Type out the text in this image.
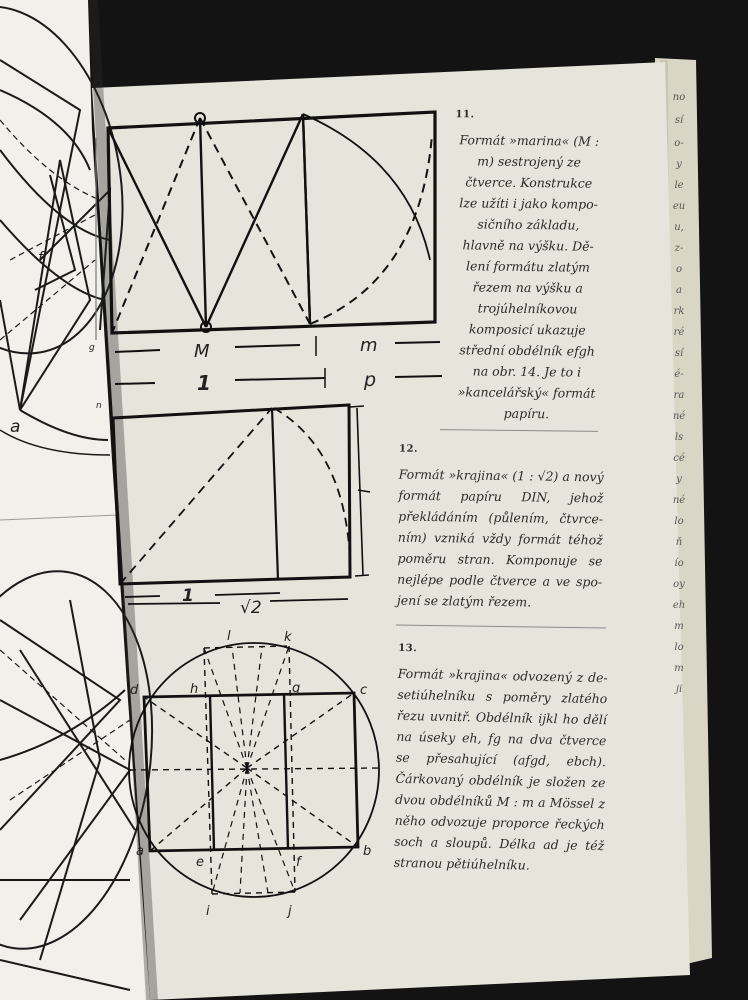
f
a
g
n
M	m
1	p
1
√2
l	k
d	h	g	c
a
e	f
b
i	j
11.
Formát »marina« (M : m) sestrojený ze čtverce. Konstrukce lze užíti i jako komposičního základu, hlavně na výšku. Dělení formátu zlatým řezem na výšku a trojúhelníkovou komposicí ukazuje střední obdélník efgh na obr. 14. Je to i »kancelářský« formát papíru.
12.
Formát »krajina« (1 : √2) a nový formát papíru DIN, jehož překládáním (půlením, čtvrcením) vzniká vždy formát téhož poměru stran. Komponuje se nejlépe podle čtverce a ve spojení se zlatým řezem.
13.
Formát »krajina« odvozený z desetiúhelníku s poměry zlatého řezu uvnitř. Obdélník ijkl ho dělí na úseky eh, fg na dva čtverce se přesahující (afgd, ebch). Čárkovaný obdélník je složen ze dvou obdélníků M : m a Mössel z něho odvozuje proporce řeckých soch a sloupů. Délka ad je též stranou pětiúhelníku.
no
sí
o-
y
le
eu
u,
z-
o
a
rk
ré
sí
é-
ra
né
ls
cé
y
né
lo
ň
ío
oy
eh
m
lo
m
ji
